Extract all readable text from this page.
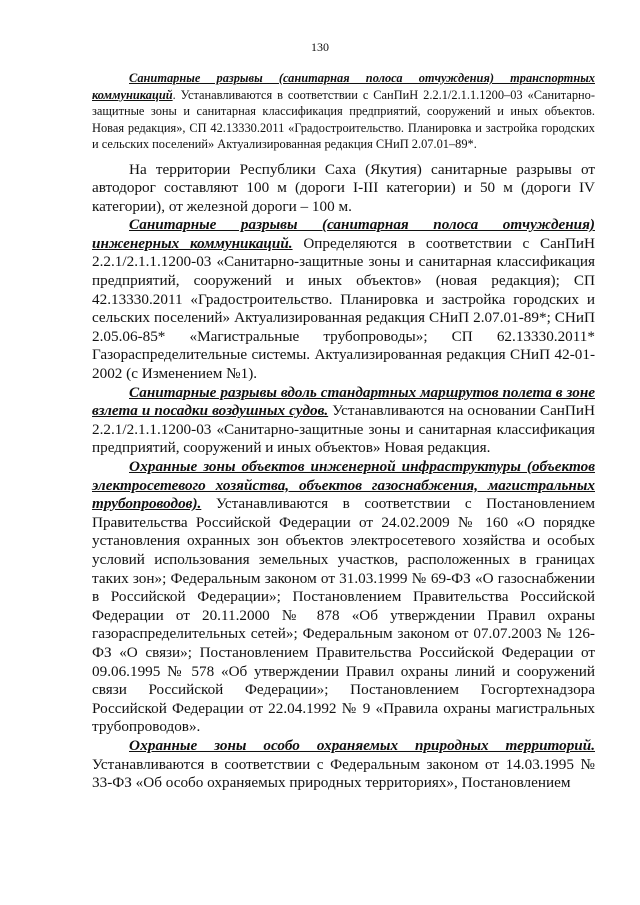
130

Санитарные разрывы (санитарная полоса отчуждения) транспортных коммуникаций. Устанавливаются в соответствии с СанПиН 2.2.1/2.1.1.1200–03 «Санитарно-защитные зоны и санитарная классификация предприятий, сооружений и иных объектов. Новая редакция», СП 42.13330.2011 «Градостроительство. Планировка и застройка городских и сельских поселений» Актуализированная редакция СНиП 2.07.01–89*.

На территории Республики Саха (Якутия) санитарные разрывы от автодорог составляют 100 м (дороги I-III категории) и 50 м (дороги IV категории), от железной дороги – 100 м.

Санитарные разрывы (санитарная полоса отчуждения) инженерных коммуникаций. Определяются в соответствии с СанПиН 2.2.1/2.1.1.1200-03 «Санитарно-защитные зоны и санитарная классификация предприятий, сооружений и иных объектов» (новая редакция); СП 42.13330.2011 «Градостроительство. Планировка и застройка городских и сельских поселений» Актуализированная редакция СНиП 2.07.01-89*; СНиП 2.05.06-85* «Магистральные трубопроводы»; СП 62.13330.2011* Газораспределительные системы. Актуализированная редакция СНиП 42-01-2002 (с Изменением №1).

Санитарные разрывы вдоль стандартных маршрутов полета в зоне взлета и посадки воздушных судов. Устанавливаются на основании СанПиН 2.2.1/2.1.1.1200-03 «Санитарно-защитные зоны и санитарная классификация предприятий, сооружений и иных объектов» Новая редакция.

Охранные зоны объектов инженерной инфраструктуры (объектов электросетевого хозяйства, объектов газоснабжения, магистральных трубопроводов). Устанавливаются в соответствии с Постановлением Правительства Российской Федерации от 24.02.2009 № 160 «О порядке установления охранных зон объектов электросетевого хозяйства и особых условий использования земельных участков, расположенных в границах таких зон»; Федеральным законом от 31.03.1999 № 69-ФЗ «О газоснабжении в Российской Федерации»; Постановлением Правительства Российской Федерации от 20.11.2000 № 878 «Об утверждении Правил охраны газораспределительных сетей»; Федеральным законом от 07.07.2003 № 126-ФЗ «О связи»; Постановлением Правительства Российской Федерации от 09.06.1995 № 578 «Об утверждении Правил охраны линий и сооружений связи Российской Федерации»; Постановлением Госгортехнадзора Российской Федерации от 22.04.1992 № 9 «Правила охраны магистральных трубопроводов».

Охранные зоны особо охраняемых природных территорий. Устанавливаются в соответствии с Федеральным законом от 14.03.1995 № 33-ФЗ «Об особо охраняемых природных территориях», Постановлением
